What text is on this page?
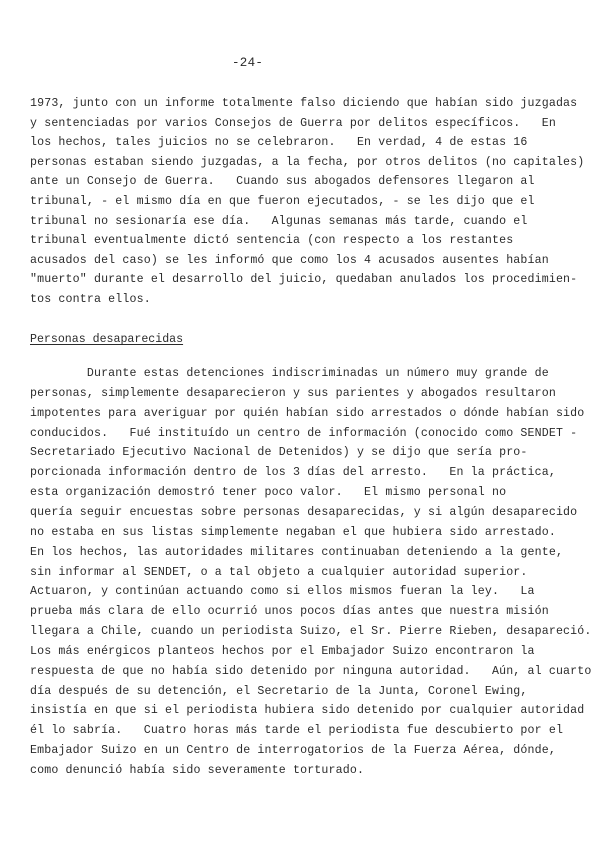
-24-
1973, junto con un informe totalmente falso diciendo que habían sido juzgadas
y sentenciadas por varios Consejos de Guerra por delitos específicos.   En
los hechos, tales juicios no se celebraron.   En verdad, 4 de estas 16
personas estaban siendo juzgadas, a la fecha, por otros delitos (no capitales)
ante un Consejo de Guerra.   Cuando sus abogados defensores llegaron al
tribunal, - el mismo día en que fueron ejecutados, - se les dijo que el
tribunal no sesionaría ese día.   Algunas semanas más tarde, cuando el
tribunal eventualmente dictó sentencia (con respecto a los restantes
acusados del caso) se les informó que como los 4 acusados ausentes habían
"muerto" durante el desarrollo del juicio, quedaban anulados los procedimien-
tos contra ellos.
Personas desaparecidas
Durante estas detenciones indiscriminadas un número muy grande de
personas, simplemente desaparecieron y sus parientes y abogados resultaron
impotentes para averiguar por quién habían sido arrestados o dónde habían sido
conducidos.   Fué instituído un centro de información (conocido como SENDET -
Secretariado Ejecutivo Nacional de Detenidos) y se dijo que sería pro-
porcionada información dentro de los 3 días del arresto.   En la práctica,
esta organización demostró tener poco valor.   El mismo personal no
quería seguir encuestas sobre personas desaparecidas, y si algún desaparecido
no estaba en sus listas simplemente negaban el que hubiera sido arrestado.
En los hechos, las autoridades militares continuaban deteniendo a la gente,
sin informar al SENDET, o a tal objeto a cualquier autoridad superior.
Actuaron, y continúan actuando como si ellos mismos fueran la ley.   La
prueba más clara de ello ocurrió unos pocos días antes que nuestra misión
llegara a Chile, cuando un periodista Suizo, el Sr. Pierre Rieben, desapareció.
Los más enérgicos planteos hechos por el Embajador Suizo encontraron la
respuesta de que no había sido detenido por ninguna autoridad.   Aún, al cuarto
día después de su detención, el Secretario de la Junta, Coronel Ewing,
insistía en que si el periodista hubiera sido detenido por cualquier autoridad
él lo sabría.   Cuatro horas más tarde el periodista fue descubierto por el
Embajador Suizo en un Centro de interrogatorios de la Fuerza Aérea, dónde,
como denunció había sido severamente torturado.
